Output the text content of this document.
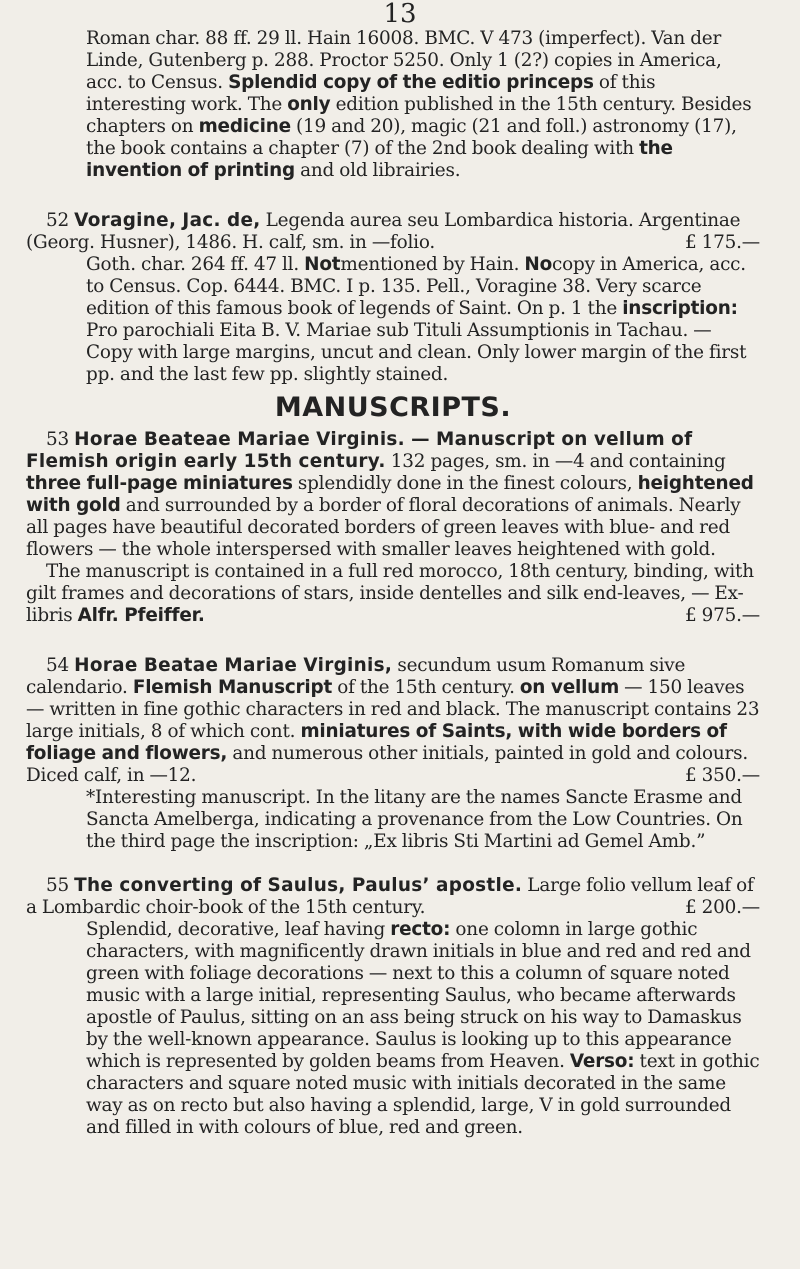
13

Roman char. 88 ff. 29 ll. Hain 16008. BMC. V 473 (imperfect). Van der Linde, Gutenberg p. 288. Proctor 5250. Only 1 (2?) copies in America, acc. to Census. Splendid copy of the editio princeps of this interesting work. The only edition published in the 15th century. Besides chapters on medicine (19 and 20), magic (21 and foll.) astronomy (17), the book contains a chapter (7) of the 2nd book dealing with the invention of printing and old librairies.

52 Voragine, Jac. de, Legenda aurea seu Lombardica historia. Argentinae (Georg. Husner), 1486. H. calf, sm. in —folio.	£ 175.—

Goth. char. 264 ff. 47 ll. Notmentioned by Hain. Nocopy in America, acc. to Census. Cop. 6444. BMC. I p. 135. Pell., Voragine 38. Very scarce edition of this famous book of legends of Saint. On p. 1 the inscription: Pro parochiali Eita B. V. Mariae sub Tituli Assumptionis in Tachau. — Copy with large margins, uncut and clean. Only lower margin of the first pp. and the last few pp. slightly stained.

MANUSCRIPTS.

53 Horae Beateae Mariae Virginis. — Manuscript on vellum of Flemish origin early 15th century. 132 pages, sm. in —4 and containing three full-page miniatures splendidly done in the finest colours, heightened with gold and surrounded by a border of floral decorations of animals. Nearly all pages have beautiful decorated borders of green leaves with blue- and red flowers — the whole interspersed with smaller leaves heightened with gold.

The manuscript is contained in a full red morocco, 18th century, binding, with gilt frames and decorations of stars, inside dentelles and silk end-leaves, — Ex-libris Alfr. Pfeiffer.	£ 975.—

54 Horae Beatae Mariae Virginis, secundum usum Romanum sive calendario. Flemish Manuscript of the 15th century. on vellum — 150 leaves — written in fine gothic characters in red and black. The manuscript contains 23 large initials, 8 of which cont. miniatures of Saints, with wide borders of foliage and flowers, and numerous other initials, painted in gold and colours. Diced calf, in —12.	£ 350.—

*Interesting manuscript. In the litany are the names Sancte Erasme and Sancta Amelberga, indicating a provenance from the Low Countries. On the third page the inscription: „Ex libris Sti Martini ad Gemel Amb.”

55 The converting of Saulus, Paulus’ apostle. Large folio vellum leaf of a Lombardic choir-book of the 15th century.	£ 200.—

Splendid, decorative, leaf having recto: one colomn in large gothic characters, with magnificently drawn initials in blue and red and red and green with foliage decorations — next to this a column of square noted music with a large initial, representing Saulus, who became afterwards apostle of Paulus, sitting on an ass being struck on his way to Damaskus by the well-known appearance. Saulus is looking up to this appearance which is represented by golden beams from Heaven. Verso: text in gothic characters and square noted music with initials decorated in the same way as on recto but also having a splendid, large, V in gold surrounded and filled in with colours of blue, red and green.
